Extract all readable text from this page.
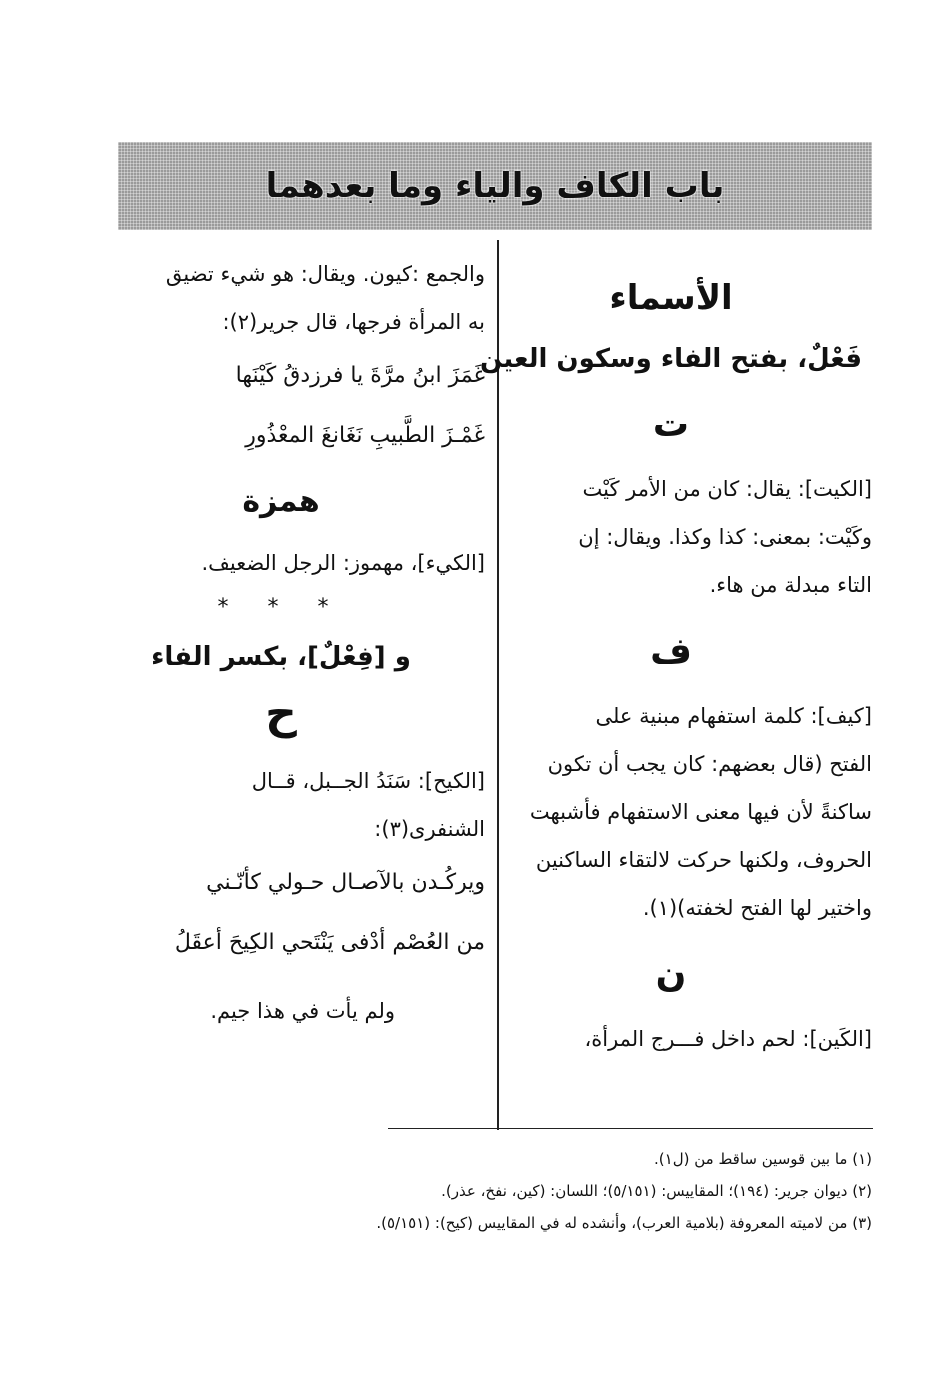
باب الكاف والياء وما بعدهما
الأسماء
فَعْلٌ، بفتح الفاء وسكون العين
ت
[الكيت]: يقال: كان من الأمر كَيْت
وكَيْت: بمعنى: كذا وكذا. ويقال: إن
التاء مبدلة من هاء.
ف
[كيف]: كلمة استفهام مبنية على
الفتح (قال بعضهم: كان يجب أن تكون
ساكنةً لأن فيها معنى الاستفهام فأشبهت
الحروف، ولكنها حركت لالتقاء الساكنين
واختير لها الفتح لخفته)(١).
ن
[الكَين]: لحم داخل فـــرج المرأة،
والجمع :كيون. ويقال: هو شيء تضيق
به المرأة فرجها، قال جرير(٢):
غَمَزَ ابنُ مرَّةَ يا فرزدقُ كَيْنَها
غَمْـزَ الطَّبيبِ نَغَانغَ المعْذُورِ
همزة
[الكيء]، مهموز: الرجل الضعيف.
* * *
و [فِعْلٌ]، بكسر الفاء
ح
[الكيح]: سَنَدُ الجــبل، قــال
الشنفرى(٣):
ويركُـدن بالآصـال حـولي كأنّـني
من العُصْم أدْفى يَنْتَحي الكِيحَ أعقَلُ
ولم يأت في هذا جيم.
(١) ما بين قوسين ساقط من (ل١).
(٢) ديوان جرير: (١٩٤)؛ المقاييس: (٥/١٥١)؛ اللسان: (كين، نفخ، عذر).
(٣) من لاميته المعروفة (بلامية العرب)، وأنشده له في المقاييس (كيح): (٥/١٥١).
